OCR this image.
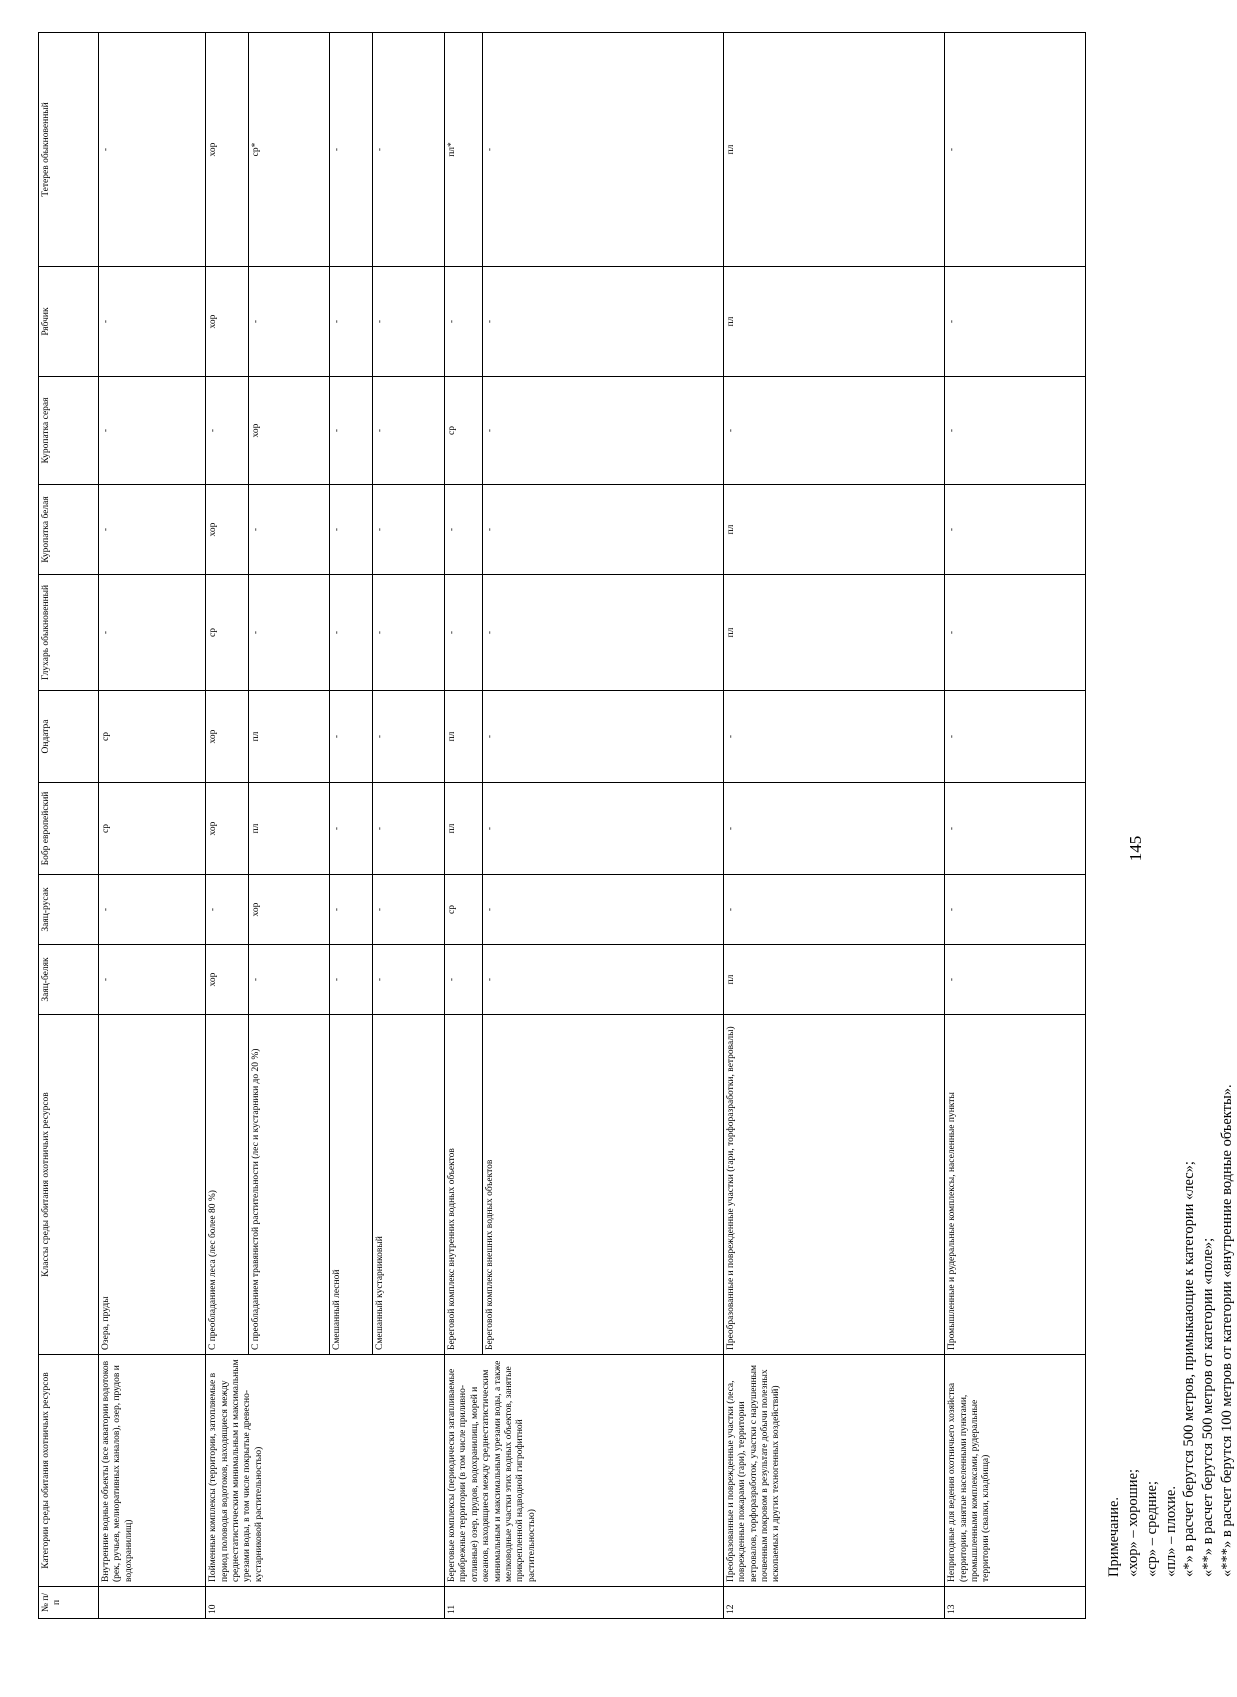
№ п/п	Категории среды обитания охотничьих ресурсов	Классы среды обитания охотничьих ресурсов	Заяц-беляк	Заяц-русак	Бобр европейский	Ондатра	Глухарь обыкновенный	Куропатка белая	Куропатка серая	Рябчик	Тетерев обыкновенный
	Внутренние водные объекты (все акватории водотоков (рек, ручьев, мелиоративных каналов), озер, прудов и водохранилищ)	Озера, пруды	-	-	ср	ср	-	-	-	-	-
10	Пойменные комплексы (территории, затопляемые в период половодья водотоков, находящиеся между среднестатистическим минимальным и максимальным урезами воды, в том числе покрытые древесно-кустарниковой растительностью)	С преобладанием леса (лес более 80 %)	хор	-	хор	хор	ср	хор	-	хор	хор
		С преобладанием травянистой растительности (лес и кустарники до 20 %)	-	хор	пл	пл	-	-	хор	-	ср*
		Смешанный лесной	-	-	-	-	-	-	-	-	-
		Смешанный кустарниковый	-	-	-	-	-	-	-	-	-
11	Береговые комплексы (периодически затапливаемые прибрежные территории (в том числе приливно-отливные) озер, прудов, водохранилищ, морей и океанов, находящиеся между среднестатистическим минимальным и максимальным урезами воды, а также мелководные участки этих водных объектов, занятые прикрепленной надводной гигрофитной растительностью)	Береговой комплекс внутренних водных объектов	-	ср	пл	пл	-	-	ср	-	пл*
		Береговой комплекс внешних водных объектов	-	-	-	-	-	-	-	-	-
12	Преобразованные и поврежденные участки (леса, поврежденные пожарами (гари), территории ветровалов, торфоразработок, участки с нарушенным почвенным покровом в результате добычи полезных ископаемых и других техногенных воздействий)	Преобразованные и поврежденные участки (гари, торфоразработки, ветровалы)	пл	-	-	-	пл	пл	-	пл	пл
13	Непригодные для ведения охотничьего хозяйства (территории, занятые населенными пунктами, промышленными комплексами, рудеральные территории (свалки, кладбища)	Промышленные и рудеральные комплексы, населенные пункты	-	-	-	-	-	-	-	-	-
145
Примечание. «хор» – хорошие; «ср» – средние; «пл» – плохие. «*» в расчет берутся 500 метров, примыкающие к категории «лес»; «**» в расчет берутся 500 метров от категории «поле»; «***» в расчет берутся 100 метров от категории «внутренние водные объекты».
